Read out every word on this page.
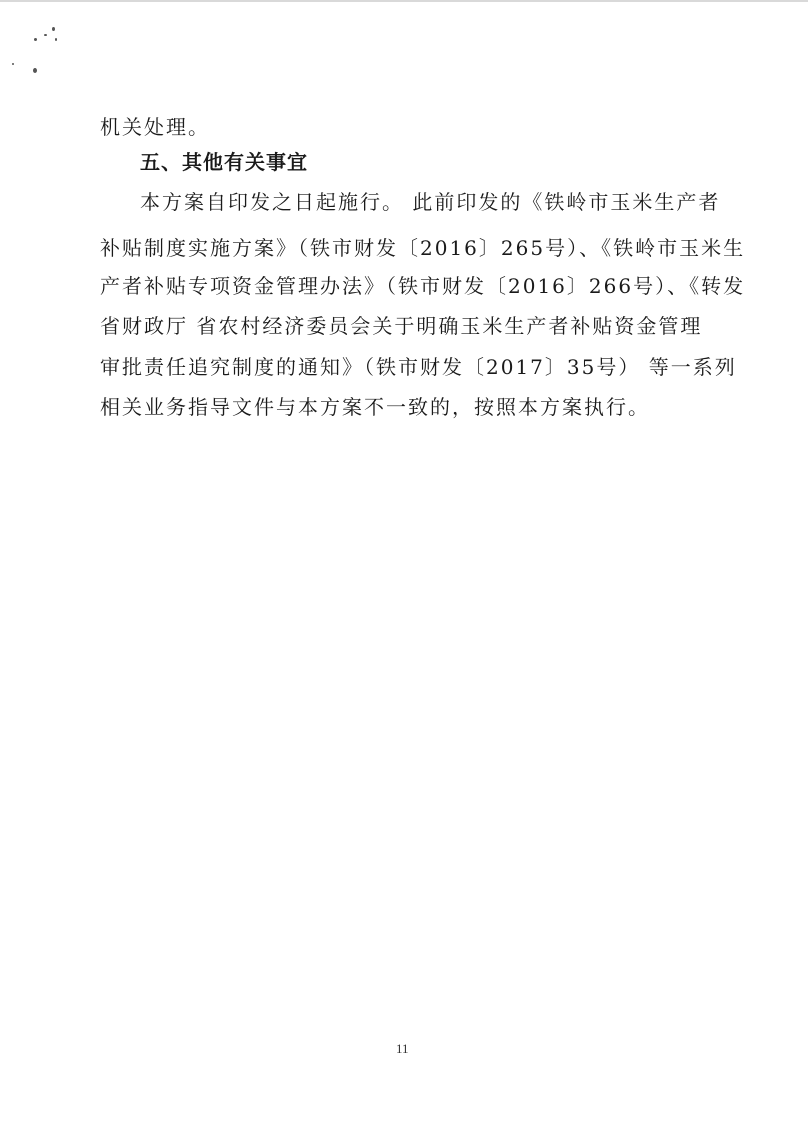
机关处理。
五、其他有关事宜
本方案自印发之日起施行。 此前印发的《铁岭市玉米生产者
补贴制度实施方案》（铁市财发〔2016〕265号）、《铁岭市玉米生
产者补贴专项资金管理办法》（铁市财发〔2016〕266号）、《转发
省财政厅 省农村经济委员会关于明确玉米生产者补贴资金管理
审批责任追究制度的通知》（铁市财发〔2017〕35号） 等一系列
相关业务指导文件与本方案不一致的，按照本方案执行。
11
